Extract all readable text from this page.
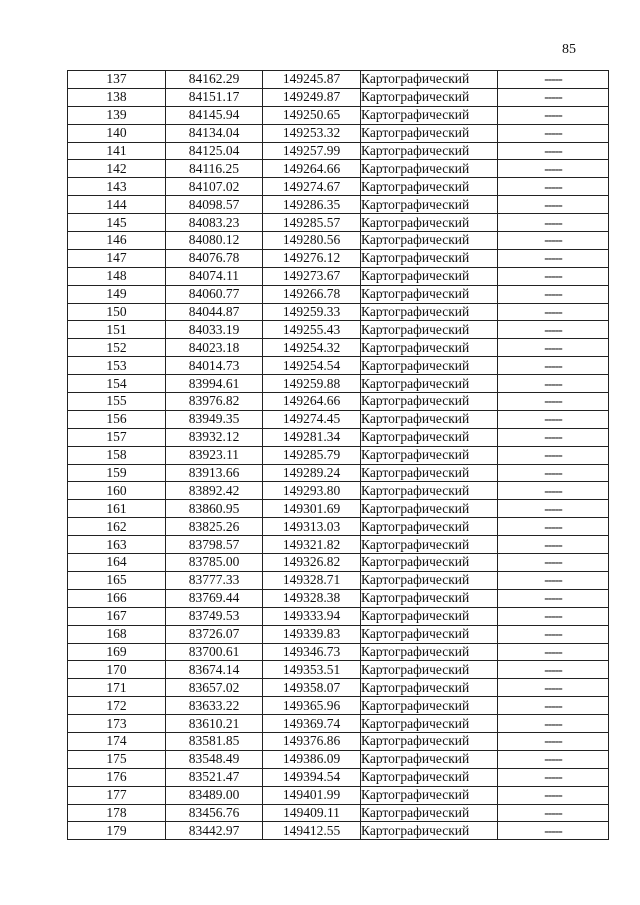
85
137	84162.29	149245.87	Картографический	-----
138	84151.17	149249.87	Картографический	-----
139	84145.94	149250.65	Картографический	-----
140	84134.04	149253.32	Картографический	-----
141	84125.04	149257.99	Картографический	-----
142	84116.25	149264.66	Картографический	-----
143	84107.02	149274.67	Картографический	-----
144	84098.57	149286.35	Картографический	-----
145	84083.23	149285.57	Картографический	-----
146	84080.12	149280.56	Картографический	-----
147	84076.78	149276.12	Картографический	-----
148	84074.11	149273.67	Картографический	-----
149	84060.77	149266.78	Картографический	-----
150	84044.87	149259.33	Картографический	-----
151	84033.19	149255.43	Картографический	-----
152	84023.18	149254.32	Картографический	-----
153	84014.73	149254.54	Картографический	-----
154	83994.61	149259.88	Картографический	-----
155	83976.82	149264.66	Картографический	-----
156	83949.35	149274.45	Картографический	-----
157	83932.12	149281.34	Картографический	-----
158	83923.11	149285.79	Картографический	-----
159	83913.66	149289.24	Картографический	-----
160	83892.42	149293.80	Картографический	-----
161	83860.95	149301.69	Картографический	-----
162	83825.26	149313.03	Картографический	-----
163	83798.57	149321.82	Картографический	-----
164	83785.00	149326.82	Картографический	-----
165	83777.33	149328.71	Картографический	-----
166	83769.44	149328.38	Картографический	-----
167	83749.53	149333.94	Картографический	-----
168	83726.07	149339.83	Картографический	-----
169	83700.61	149346.73	Картографический	-----
170	83674.14	149353.51	Картографический	-----
171	83657.02	149358.07	Картографический	-----
172	83633.22	149365.96	Картографический	-----
173	83610.21	149369.74	Картографический	-----
174	83581.85	149376.86	Картографический	-----
175	83548.49	149386.09	Картографический	-----
176	83521.47	149394.54	Картографический	-----
177	83489.00	149401.99	Картографический	-----
178	83456.76	149409.11	Картографический	-----
179	83442.97	149412.55	Картографический	-----
